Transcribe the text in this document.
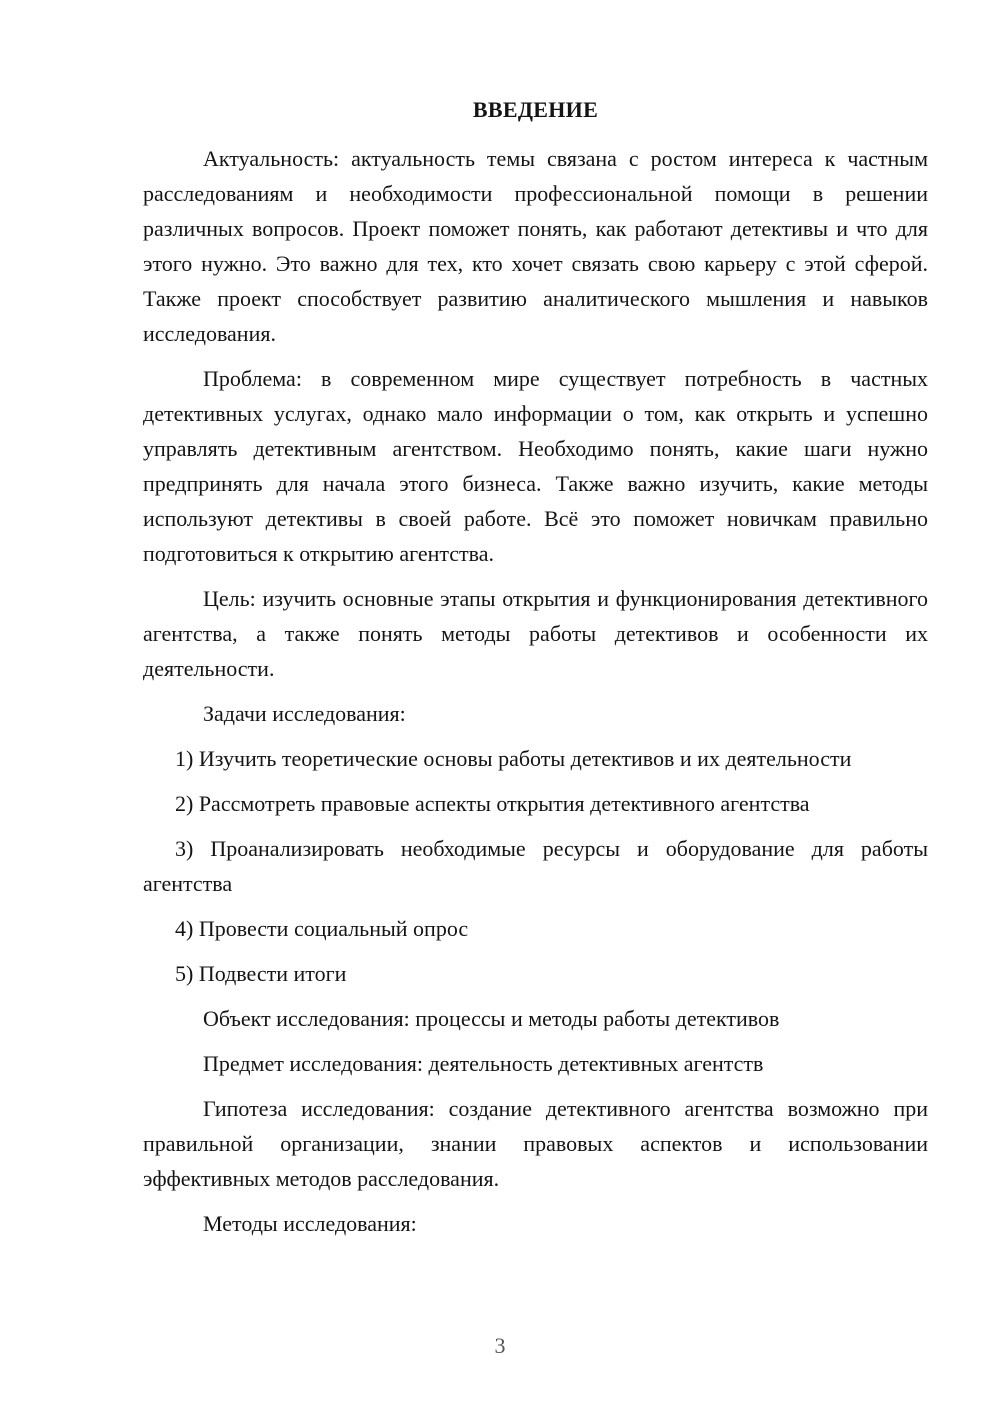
ВВЕДЕНИЕ

Актуальность: актуальность темы связана с ростом интереса к частным расследованиям и необходимости профессиональной помощи в решении различных вопросов. Проект поможет понять, как работают детективы и что для этого нужно. Это важно для тех, кто хочет связать свою карьеру с этой сферой. Также проект способствует развитию аналитического мышления и навыков исследования.

Проблема: в современном мире существует потребность в частных детективных услугах, однако мало информации о том, как открыть и успешно управлять детективным агентством. Необходимо понять, какие шаги нужно предпринять для начала этого бизнеса. Также важно изучить, какие методы используют детективы в своей работе. Всё это поможет новичкам правильно подготовиться к открытию агентства.

Цель: изучить основные этапы открытия и функционирования детективного агентства, а также понять методы работы детективов и особенности их деятельности.

Задачи исследования:

1) Изучить теоретические основы работы детективов и их деятельности

2) Рассмотреть правовые аспекты открытия детективного агентства

3) Проанализировать необходимые ресурсы и оборудование для работы агентства

4) Провести социальный опрос

5) Подвести итоги

Объект исследования: процессы и методы работы детективов

Предмет исследования: деятельность детективных агентств

Гипотеза исследования: создание детективного агентства возможно при правильной организации, знании правовых аспектов и использовании эффективных методов расследования.

Методы исследования:

3
